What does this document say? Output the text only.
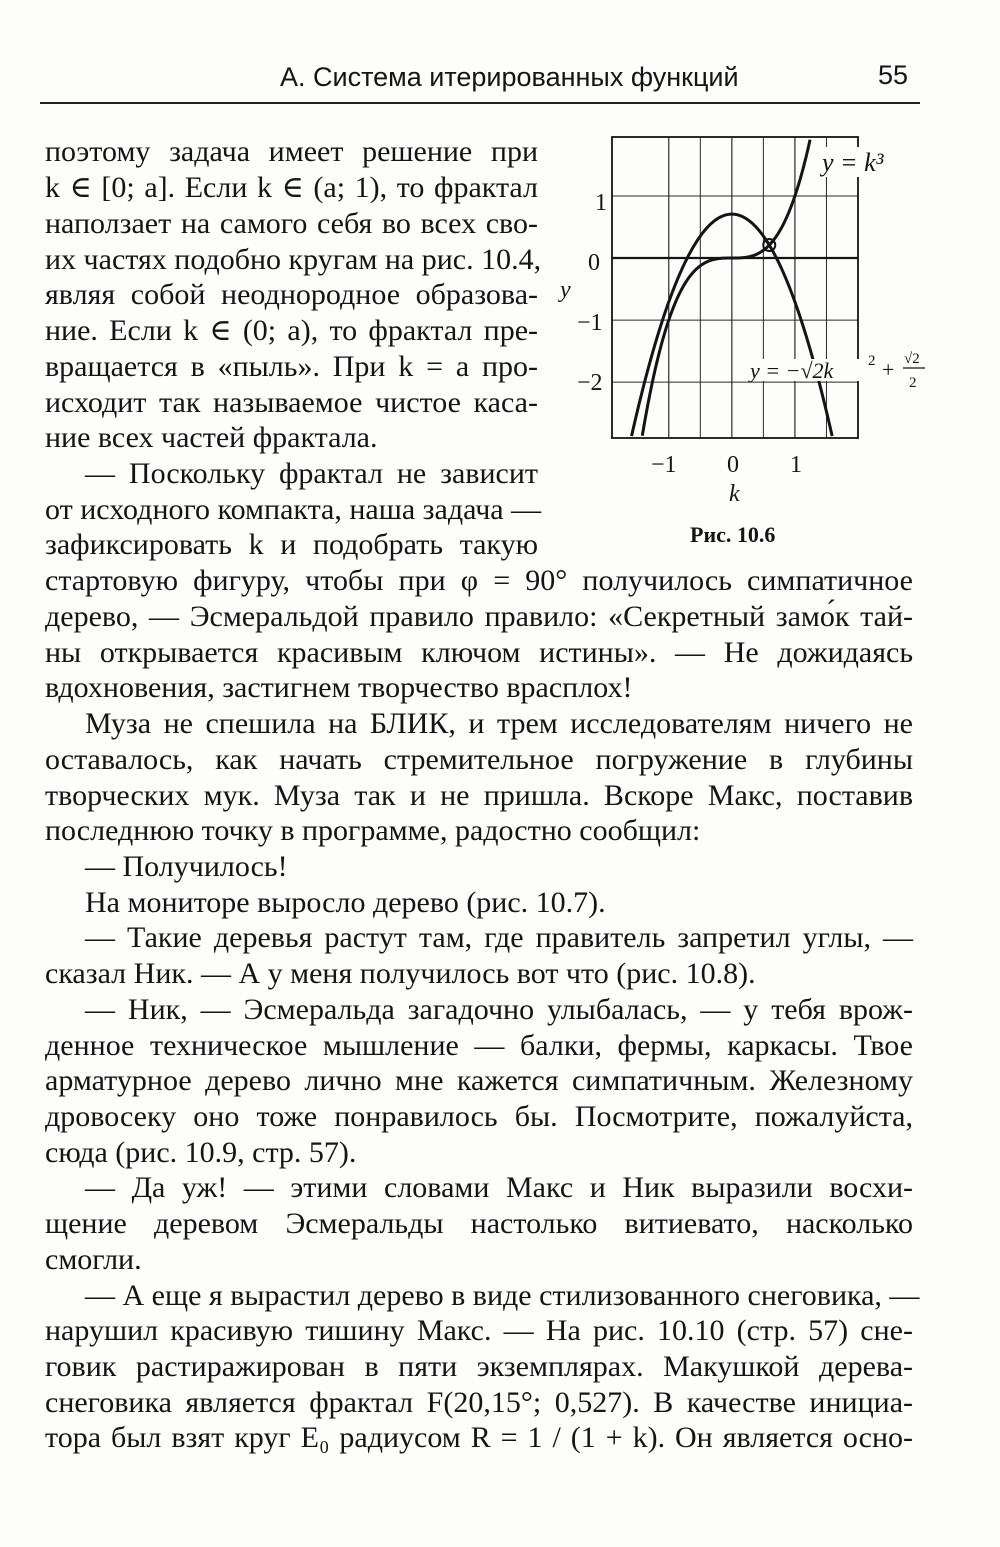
А. Система итерированных функций	55
поэтому задача имеет решение при
k ∈ [0; a]. Если k ∈ (a; 1), то фрактал
наползает на самого себя во всех сво-
их частях подобно кругам на рис. 10.4,
являя собой неоднородное образова-
ние. Если k ∈ (0; a), то фрактал пре-
вращается в «пыль». При k = a про-
исходит так называемое чистое каса-
ние всех частей фрактала.
— Поскольку фрактал не зависит
от исходного компакта, наша задача —
зафиксировать k и подобрать такую
стартовую фигуру, чтобы при φ = 90° получилось симпатичное
дерево, — Эсмеральдой правило правило: «Секретный замо́к тай-
ны открывается красивым ключом истины». — Не дожидаясь
вдохновения, застигнем творчество врасплох!
Муза не спешила на БЛИК, и трем исследователям ничего не
оставалось, как начать стремительное погружение в глубины
творческих мук. Муза так и не пришла. Вскоре Макс, поставив
последнюю точку в программе, радостно сообщил:
— Получилось!
На мониторе выросло дерево (рис. 10.7).
— Такие деревья растут там, где правитель запретил углы, —
сказал Ник. — А у меня получилось вот что (рис. 10.8).
— Ник, — Эсмеральда загадочно улыбалась, — у тебя врож-
денное техническое мышление — балки, фермы, каркасы. Твое
арматурное дерево лично мне кажется симпатичным. Железному
дровосеку оно тоже понравилось бы. Посмотрите, пожалуйста,
сюда (рис. 10.9, стр. 57).
— Да уж! — этими словами Макс и Ник выразили восхи-
щение деревом Эсмеральды настолько витиевато, насколько
смогли.
— А еще я вырастил дерево в виде стилизованного снеговика, —
нарушил красивую тишину Макс. — На рис. 10.10 (стр. 57) сне-
говик растиражирован в пяти экземплярах. Макушкой дерева-
снеговика является фрактал F(20,15°; 0,527). В качестве инициа-
тора был взят круг E₀ радиусом R = 1 / (1 + k). Он является осно-
1
0
−1
−2
y
−1 0 1
k
y = k³
y = −√2k 2 + √2
2
Рис. 10.6
